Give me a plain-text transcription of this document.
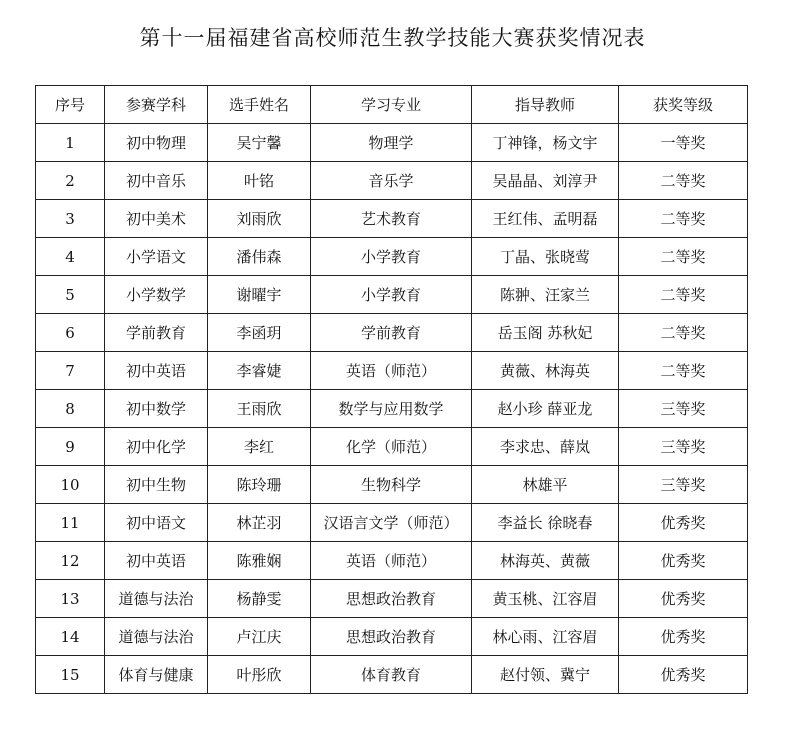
第十一届福建省高校师范生教学技能大赛获奖情况表
序号	参赛学科	选手姓名	学习专业	指导教师	获奖等级
1	初中物理	吴宁馨	物理学	丁神锋，杨文宇	一等奖
2	初中音乐	叶铭	音乐学	吴晶晶、刘淳尹	二等奖
3	初中美术	刘雨欣	艺术教育	王红伟、孟明磊	二等奖
4	小学语文	潘伟森	小学教育	丁晶、张晓莺	二等奖
5	小学数学	谢曜宇	小学教育	陈翀、汪家兰	二等奖
6	学前教育	李函玥	学前教育	岳玉阁 苏秋妃	二等奖
7	初中英语	李睿婕	英语（师范）	黄薇、林海英	二等奖
8	初中数学	王雨欣	数学与应用数学	赵小珍 薛亚龙	三等奖
9	初中化学	李红	化学（师范）	李求忠、薛岚	三等奖
10	初中生物	陈玲珊	生物科学	林雄平	三等奖
11	初中语文	林芷羽	汉语言文学（师范）	李益长 徐晓春	优秀奖
12	初中英语	陈雅娴	英语（师范）	林海英、黄薇	优秀奖
13	道德与法治	杨静雯	思想政治教育	黄玉桃、江容眉	优秀奖
14	道德与法治	卢江庆	思想政治教育	林心雨、江容眉	优秀奖
15	体育与健康	叶彤欣	体育教育	赵付领、冀宁	优秀奖
